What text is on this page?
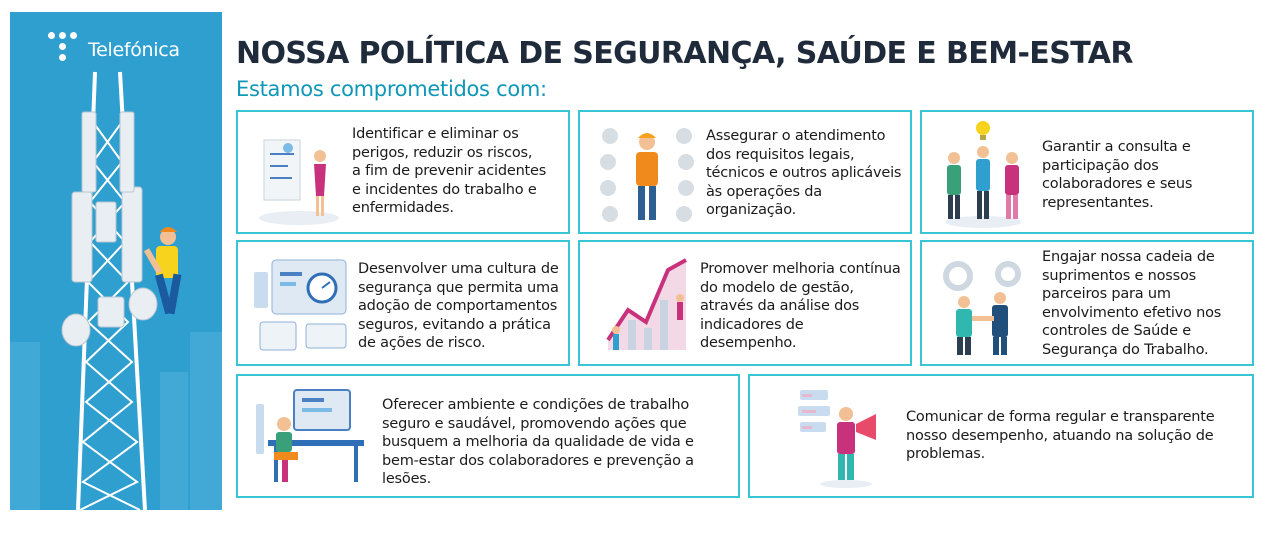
Telefónica NOSSA POLÍTICA DE SEGURANÇA, SAÚDE E BEM-ESTAR
Estamos comprometidos com:
Identificar e eliminar os
perigos, reduzir os riscos,
a fim de prevenir acidentes
e incidentes do trabalho e
enfermidades.
Assegurar o atendimento
dos requisitos legais,
técnicos e outros aplicáveis
às operações da
organização.
Garantir a consulta e
participação dos
colaboradores e seus
representantes.
Desenvolver uma cultura de
segurança que permita uma
adoção de comportamentos
seguros, evitando a prática
de ações de risco.
Promover melhoria contínua
do modelo de gestão,
através da análise dos
indicadores de
desempenho.
Engajar nossa cadeia de
suprimentos e nossos
parceiros para um
envolvimento efetivo nos
controles de Saúde e
Segurança do Trabalho.
Oferecer ambiente e condições de trabalho
seguro e saudável, promovendo ações que
busquem a melhoria da qualidade de vida e
bem-estar dos colaboradores e prevenção a
lesões.
Comunicar de forma regular e transparente
nosso desempenho, atuando na solução de
problemas.
